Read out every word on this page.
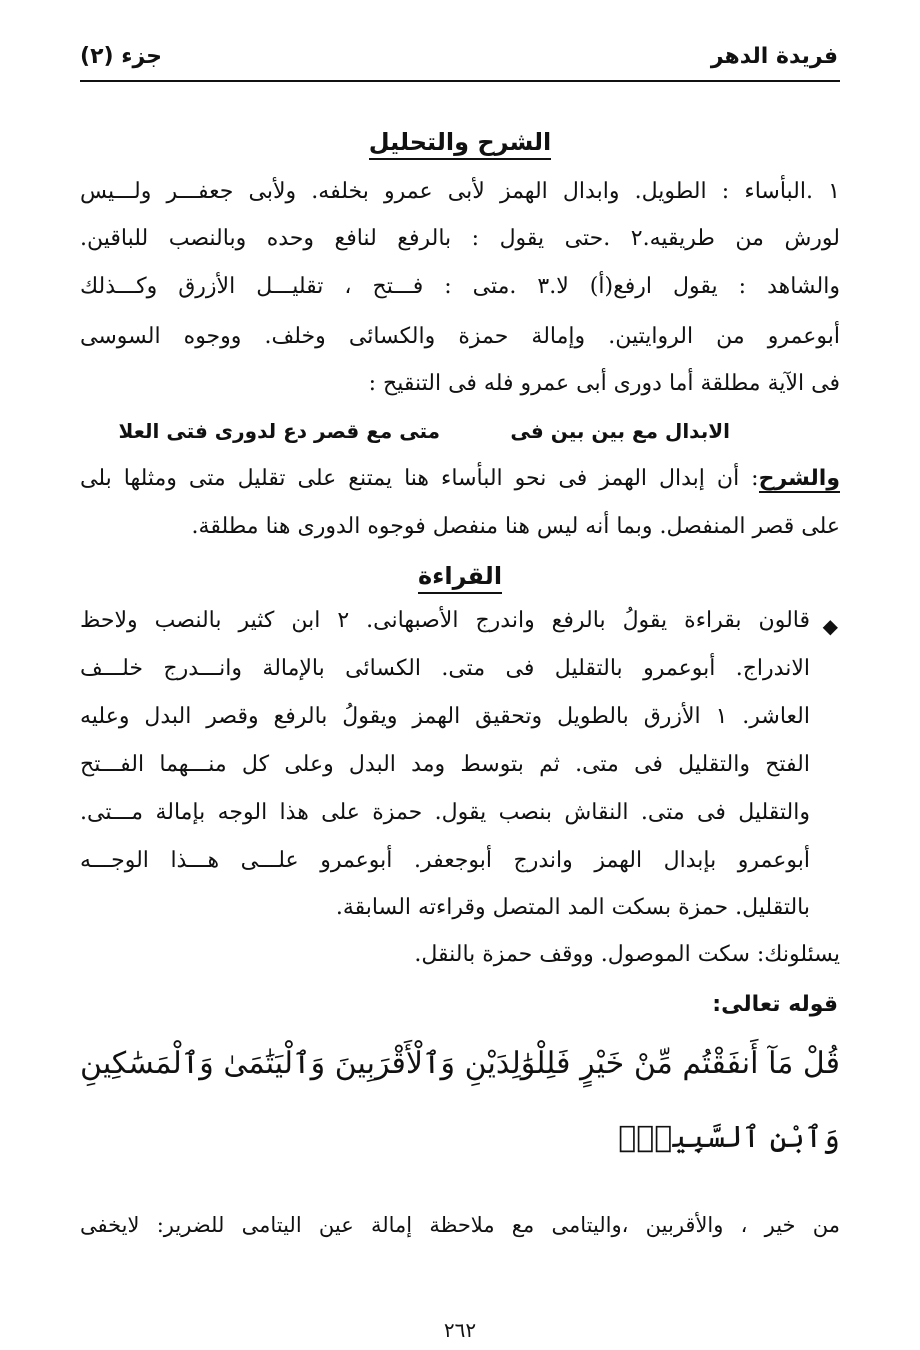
فريدة الدهر
جزء (٢)
الشرح والتحليل
١ .البأساء : الطويل. وابدال الهمز لأبى عمرو بخلفه. ولأبى جعفـــر ولـــيس
لورش من طريقيه.٢ .حتى يقول : بالرفع لنافع وحده وبالنصب للباقين.
والشاهد : يقول ارفع(أ) لا.٣ .متى : فـــتح ، تقليـــل الأزرق وكـــذلك
أبوعمرو من الروايتين. وإمالة حمزة والكسائى وخلف. ووجوه السوسى
فى الآية مطلقة أما دورى أبى عمرو فله فى التنقيح :
الابدال مع بين بين فى
متى مع قصر دع لدورى فتى العلا
والشرح: أن إبدال الهمز فى نحو البأساء هنا يمتنع على تقليل متى ومثلها بلى
على قصر المنفصل. وبما أنه ليس هنا منفصل فوجوه الدورى هنا مطلقة.
القراءة
◆
قالون بقراءة يقولُ بالرفع واندرج الأصبهانى. ٢ ابن كثير بالنصب ولاحظ
الاندراج. أبوعمرو بالتقليل فى متى. الكسائى بالإمالة وانـــدرج خلـــف
العاشر. ١ الأزرق بالطويل وتحقيق الهمز ويقولُ بالرفع وقصر البدل وعليه
الفتح والتقليل فى متى. ثم بتوسط ومد البدل وعلى كل منـــهما الفـــتح
والتقليل فى متى. النقاش بنصب يقول. حمزة على هذا الوجه بإمالة مـــتى.
أبوعمرو بإبدال الهمز واندرج أبوجعفر. أبوعمرو علـــى هـــذا الوجـــه
بالتقليل. حمزة بسكت المد المتصل وقراءته السابقة.
يسئلونك: سكت الموصول. ووقف حمزة بالنقل.
قوله تعالى:
قُلْ مَآ أَنفَقْتُم مِّنْ خَيْرٍ فَلِلْوَٰلِدَيْنِ وَٱلْأَقْرَبِينَ وَٱلْيَتَٰمَىٰ وَٱلْمَسَٰكِينِ
وَٱبْنِ ٱلسَّبِيلِۗ
من خير ، والأقربين ،واليتامى مع ملاحظة إمالة عين اليتامى للضرير: لايخفى
٢٦٢
